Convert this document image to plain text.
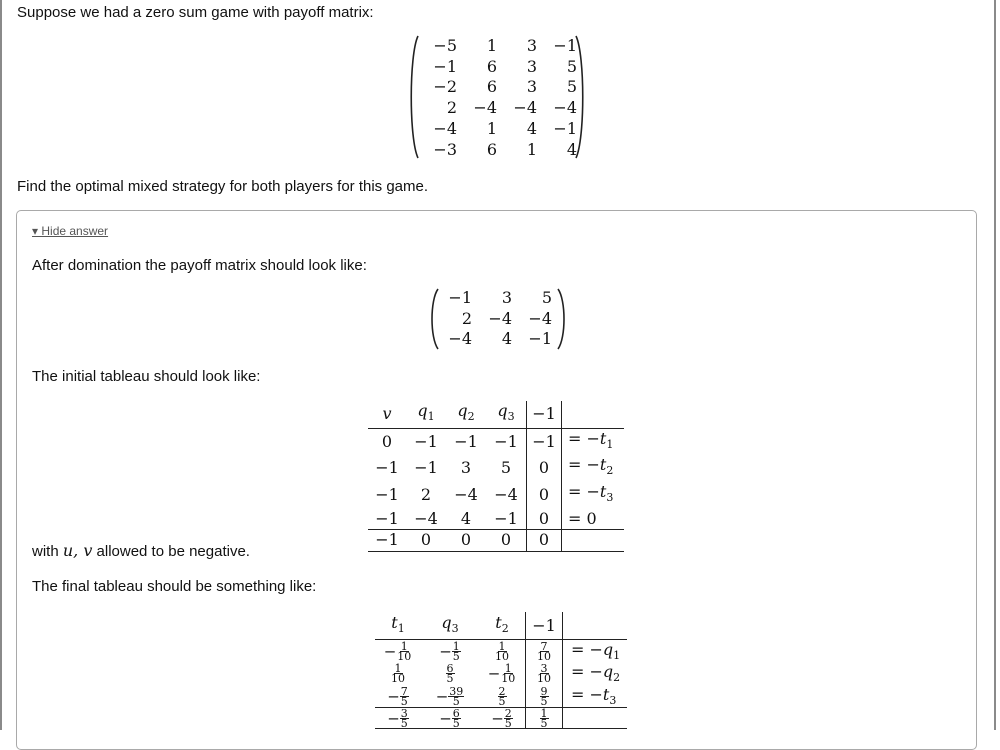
Suppose we had a zero sum game with payoff matrix:
−5	1	3	−1
−1	6	3	5
−2	6	3	5
2	−4	−4	−4
−4	1	4	−1
−3	6	1	4
Find the optimal mixed strategy for both players for this game.
▾ Hide answer
After domination the payoff matrix should look like:
−1	3	5
2	−4	−4
−4	4	−1
The initial tableau should look like:
v	$q_1$	$q_2$	$q_3$	−1	
0	−1	−1	−1	−1	= $-t_1$
−1	−1	3	5	0	= $-t_2$
−1	2	−4	−4	0	= $-t_3$
−1	−4	4	−1	0	= 0
−1	0	0	0	0	
with u, v allowed to be negative.
The final tableau should be something like:
$t_1$	$q_3$	$t_2$	−1	
− $\frac{1}{10}$	− $\frac{1}{5}$	$\frac{1}{10}$	$\frac{7}{10}$	= $-q_1$

$\frac{1}{10}$	$\frac{6}{5}$	− $\frac{1}{10}$	$\frac{3}{10}$	= $-q_2$
− $\frac{7}{5}$	− $\frac{39}{5}$	$\frac{2}{5}$	$\frac{9}{5}$	= $-t_3$
− $\frac{3}{5}$	− $\frac{6}{5}$	− $\frac{2}{5}$	$\frac{1}{5}$
